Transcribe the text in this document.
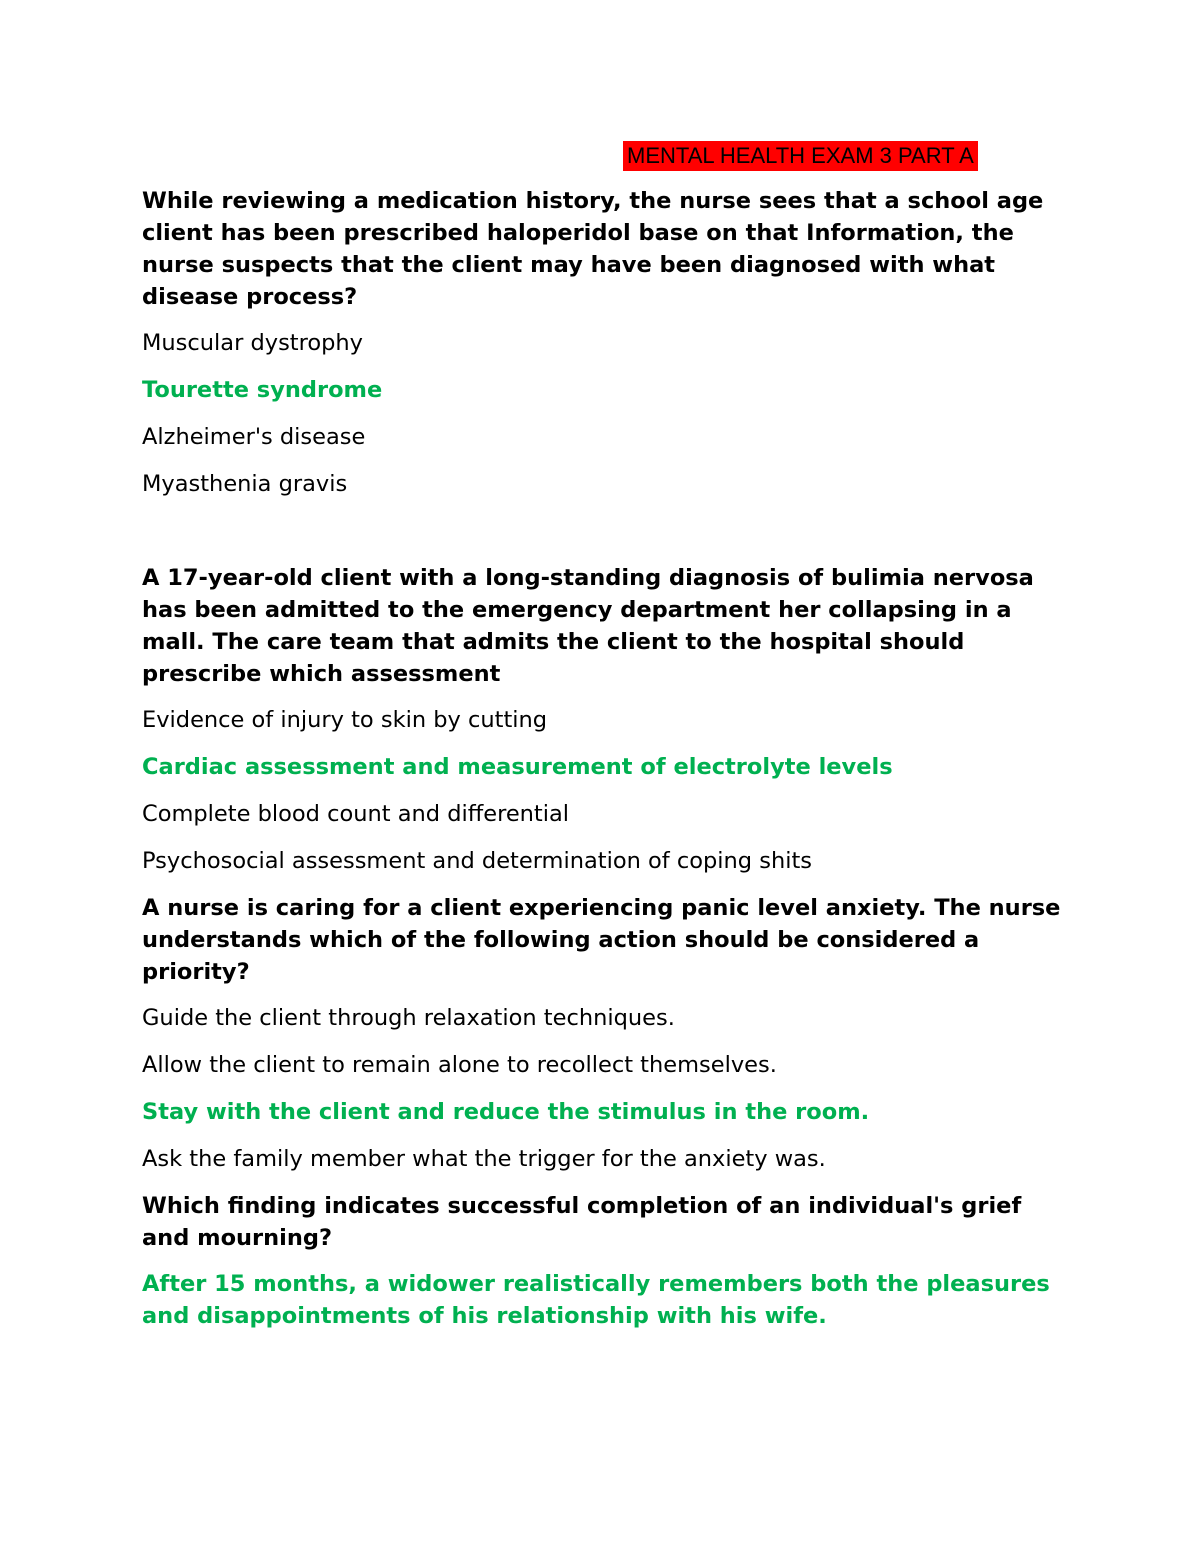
MENTAL HEALTH EXAM 3 PART A
While reviewing a medication history, the nurse sees that a school age client has been prescribed haloperidol base on that Information, the nurse suspects that the client may have been diagnosed with what disease process?
Muscular dystrophy
Tourette syndrome
Alzheimer's disease
Myasthenia gravis
A 17-year-old client with a long-standing diagnosis of bulimia nervosa has been admitted to the emergency department her collapsing in a mall. The care team that admits the client to the hospital should prescribe which assessment
Evidence of injury to skin by cutting
Cardiac assessment and measurement of electrolyte levels
Complete blood count and differential
Psychosocial assessment and determination of coping shits
A nurse is caring for a client experiencing panic level anxiety. The nurse understands which of the following action should be considered a priority?
Guide the client through relaxation techniques.
Allow the client to remain alone to recollect themselves.
Stay with the client and reduce the stimulus in the room.
Ask the family member what the trigger for the anxiety was.
Which finding indicates successful completion of an individual's grief and mourning?
After 15 months, a widower realistically remembers both the pleasures and disappointments of his relationship with his wife.
